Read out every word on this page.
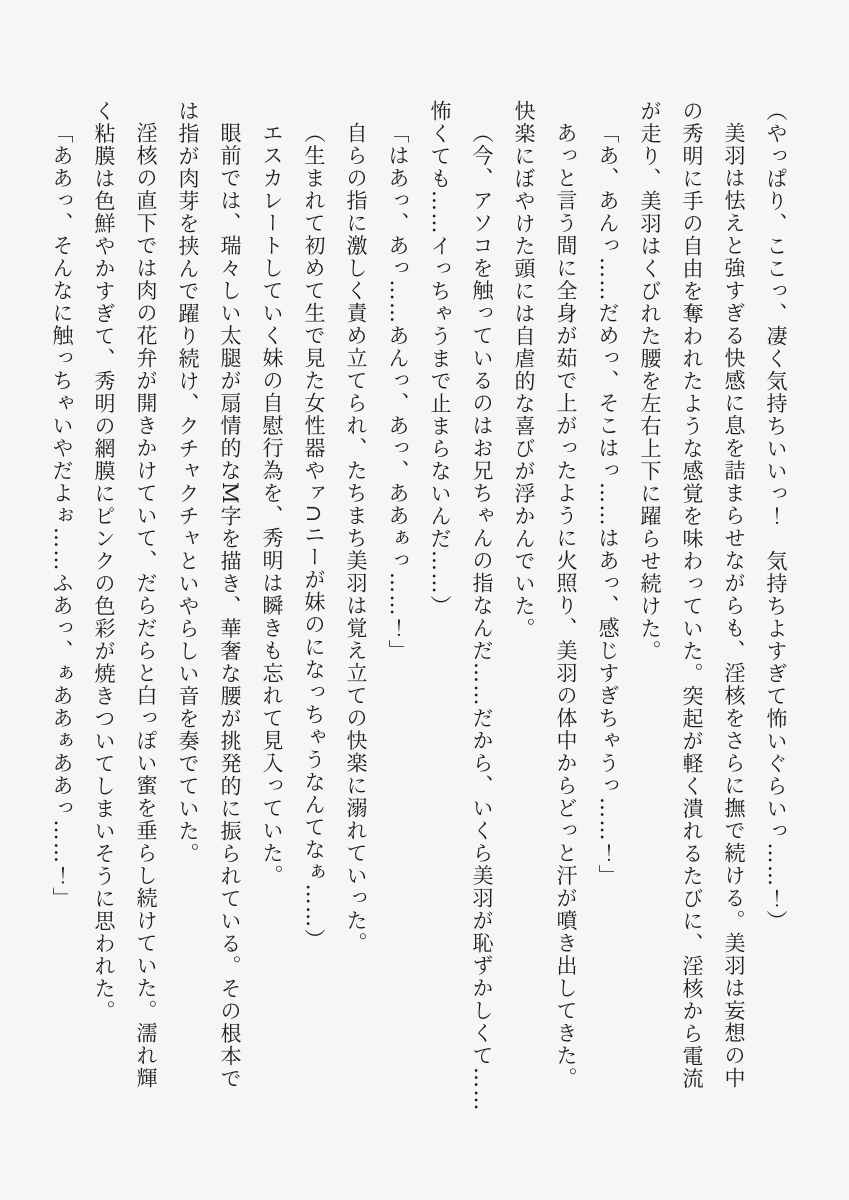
（やっぱり、ここっ、凄く気持ちいいっ！　気持ちよすぎて怖いぐらいっ……！）
美羽は怯えと強すぎる快感に息を詰まらせながらも、淫核をさらに撫で続ける。美羽は妄想の中
の秀明に手の自由を奪われたような感覚を味わっていた。突起が軽く潰れるたびに、淫核から電流
が走り、美羽はくびれた腰を左右上下に躍らせ続けた。
「あ、あんっ……だめっ、そこはっ……はあっ、感じすぎちゃうっ……！」
あっと言う間に全身が茹で上がったように火照り、美羽の体中からどっと汗が噴き出してきた。
快楽にぼやけた頭には自虐的な喜びが浮かんでいた。
（今、アソコを触っているのはお兄ちゃんの指なんだ……だから、いくら美羽が恥ずかしくて……
怖くても……イっちゃうまで止まらないんだ……）
「はあっ、あっ……あんっ、あっ、ああぁっ……！」
自らの指に激しく責め立てられ、たちまち美羽は覚え立ての快楽に溺れていった。
（生まれて初めて生で見た女性器やァ∩ニーが妹のになっちゃうなんてなぁ……）
エスカレートしていく妹の自慰行為を、秀明は瞬きも忘れて見入っていた。
眼前では、瑞々しい太腿が扇情的なM字を描き、華奢な腰が挑発的に振られている。その根本で
は指が肉芽を挟んで躍り続け、クチャクチャといやらしい音を奏でていた。
淫核の直下では肉の花弁が開きかけていて、だらだらと白っぽい蜜を垂らし続けていた。濡れ輝
く粘膜は色鮮やかすぎて、秀明の網膜にピンクの色彩が焼きついてしまいそうに思われた。
「ああっ、そんなに触っちゃいやだよぉ……ふあっ、ぁああぁああっ……！」
